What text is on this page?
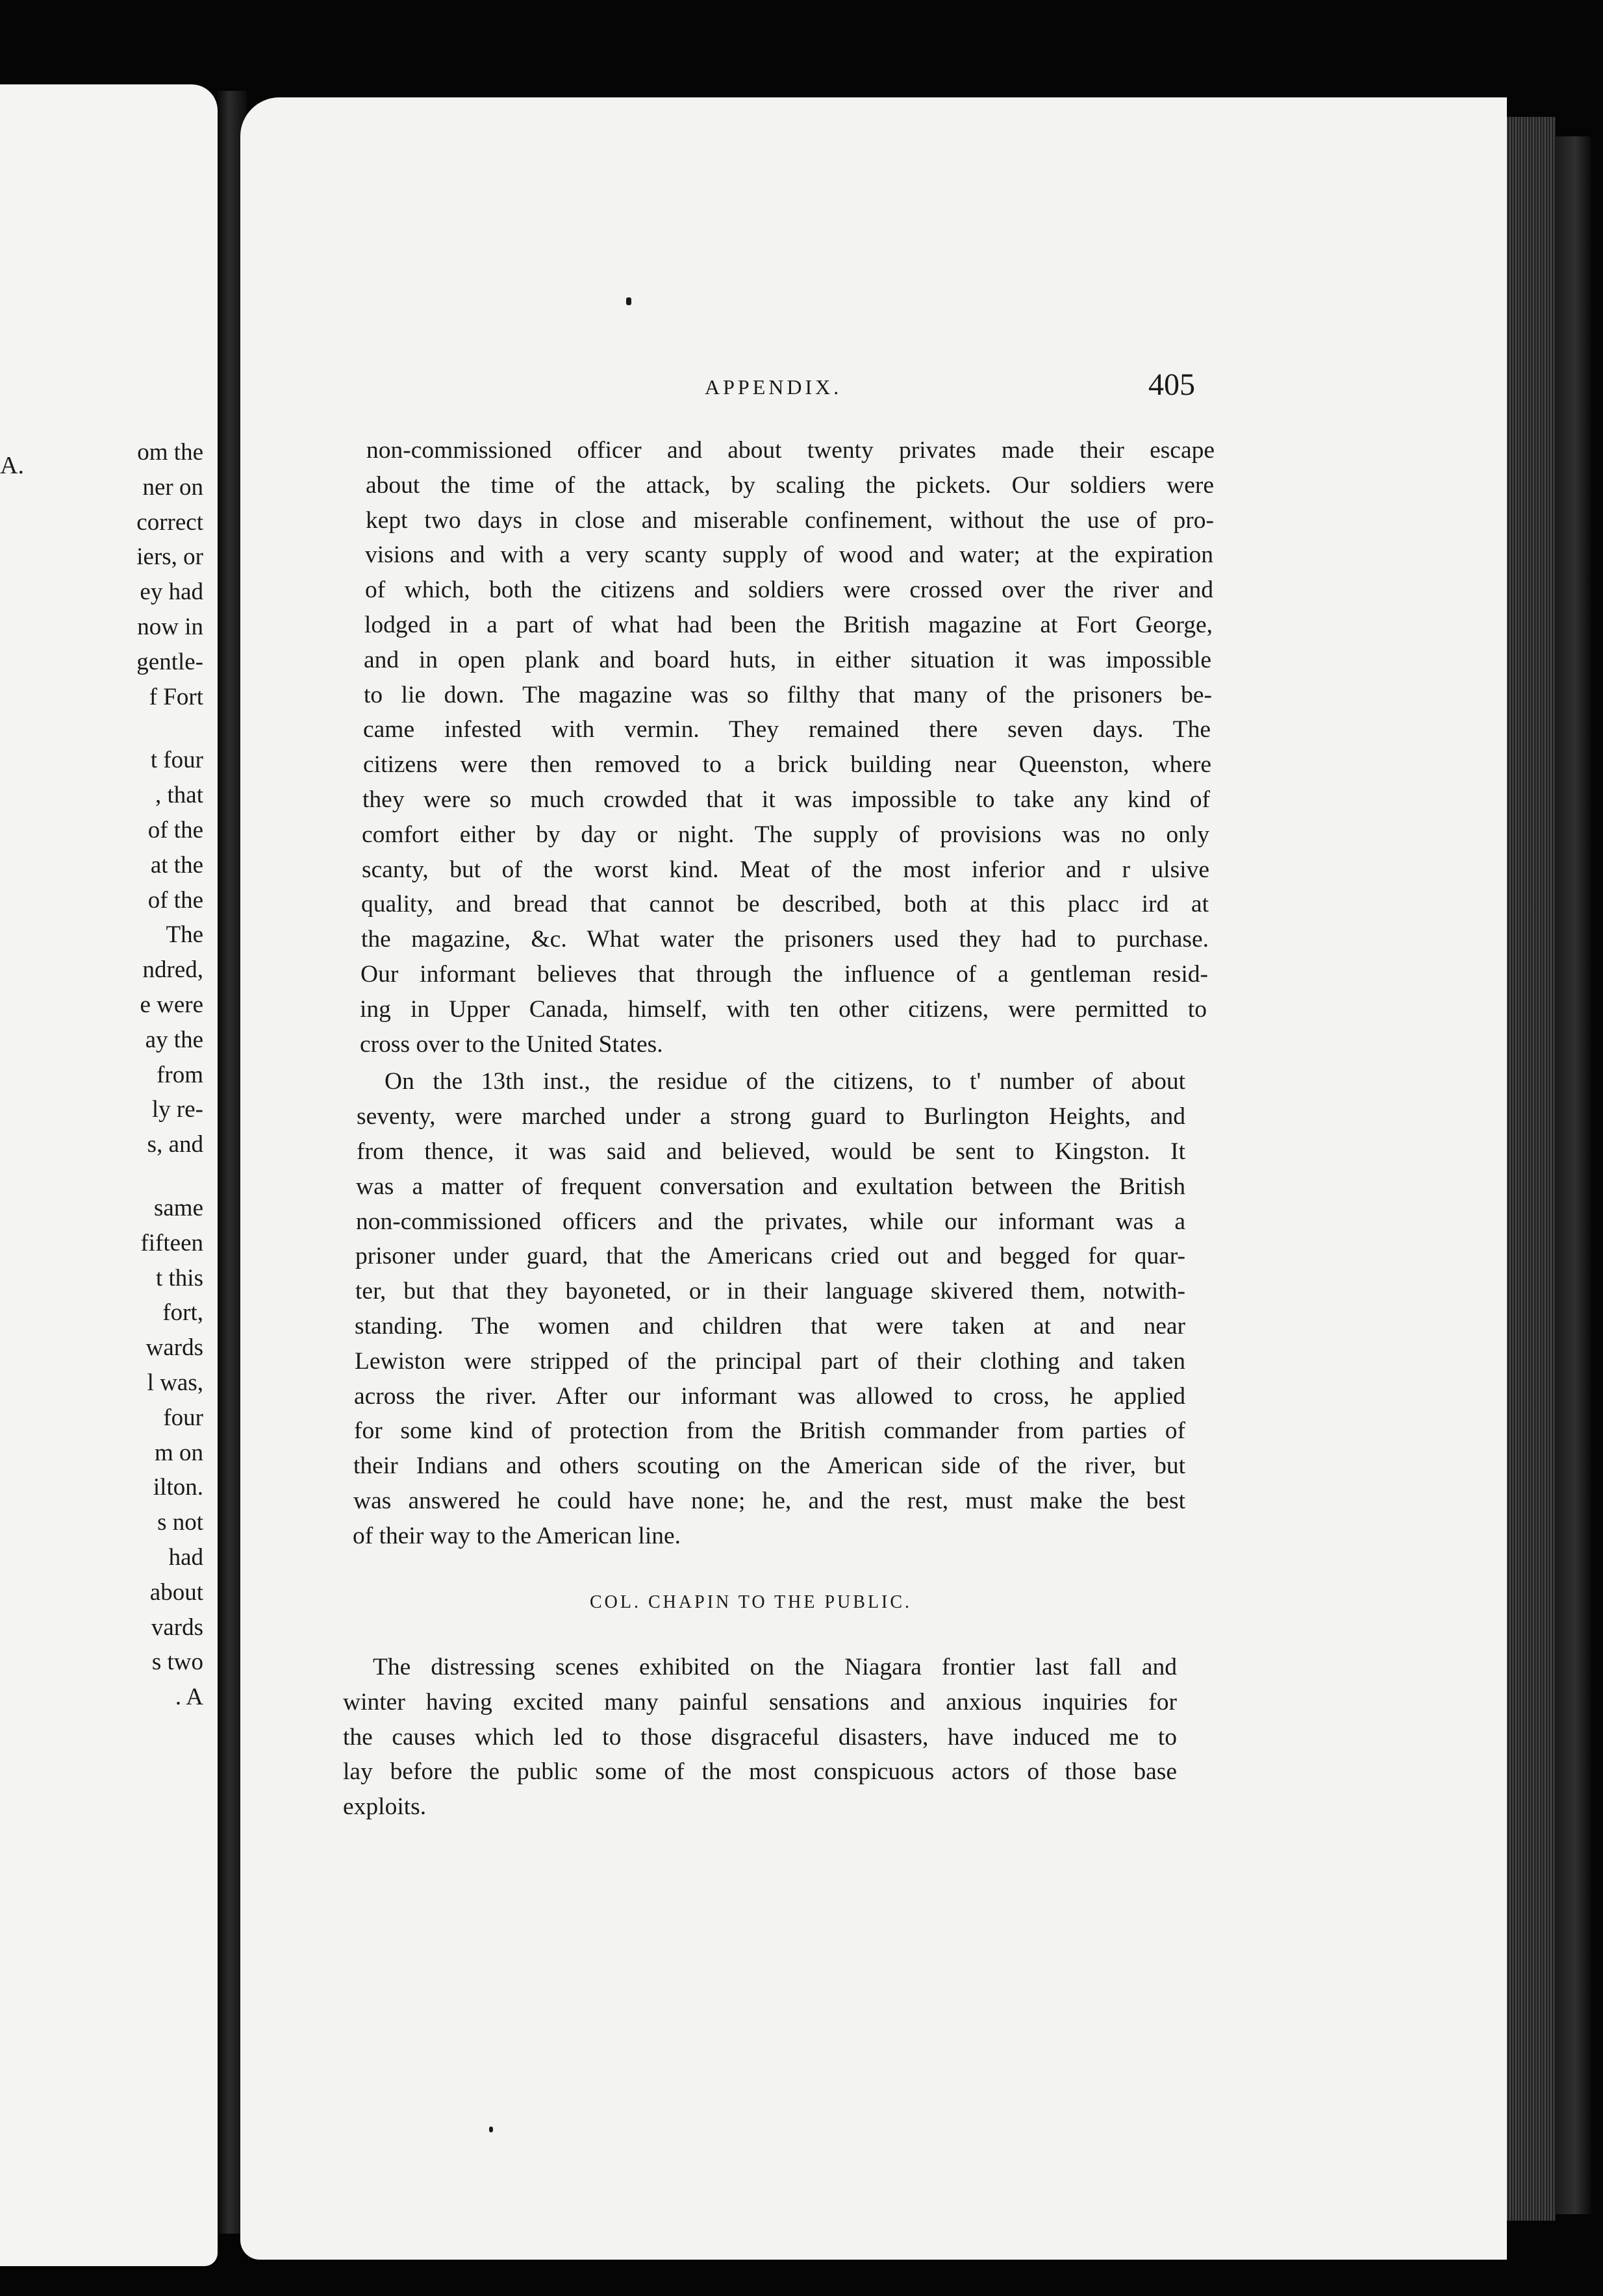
A.	om the
ner on
correct
iers, or
ey had
now in
gentle-
f Fort
t four
, that
of the
at the
of the
The
ndred,
e were
ay the
from
ly re-
s, and
same
fifteen
t this
fort,
wards
l was,
four
m on
ilton.
s not
had
about
vards
s two
. A
non-commissioned officer and about twenty privates made their escape
about the time of the attack, by scaling the pickets. Our soldiers were
kept two days in close and miserable confinement, without the use of pro-
visions and with a very scanty supply of wood and water; at the expiration
of which, both the citizens and soldiers were crossed over the river and
lodged in a part of what had been the British magazine at Fort George,
and in open plank and board huts, in either situation it was impossible
to lie down. The magazine was so filthy that many of the prisoners be-
came infested with vermin. They remained there seven days. The
citizens were then removed to a brick building near Queenston, where
they were so much crowded that it was impossible to take any kind of
comfort either by day or night. The supply of provisions was no only
scanty, but of the worst kind. Meat of the most inferior and r ulsive
quality, and bread that cannot be described, both at this placc ird at
the magazine, &c. What water the prisoners used they had to purchase.
Our informant believes that through the influence of a gentleman resid-
ing in Upper Canada, himself, with ten other citizens, were permitted to
cross over to the United States.
On the 13th inst., the residue of the citizens, to t' number of about
seventy, were marched under a strong guard to Burlington Heights, and
from thence, it was said and believed, would be sent to Kingston. It
was a matter of frequent conversation and exultation between the British
non-commissioned officers and the privates, while our informant was a
prisoner under guard, that the Americans cried out and begged for quar-
ter, but that they bayoneted, or in their language skivered them, notwith-
standing. The women and children that were taken at and near
Lewiston were stripped of the principal part of their clothing and taken
across the river. After our informant was allowed to cross, he applied
for some kind of protection from the British commander from parties of
their Indians and others scouting on the American side of the river, but
was answered he could have none; he, and the rest, must make the best
of their way to the American line.
The distressing scenes exhibited on the Niagara frontier last fall and
winter having excited many painful sensations and anxious inquiries for
the causes which led to those disgraceful disasters, have induced me to
lay before the public some of the most conspicuous actors of those base
exploits.
APPENDIX.	405
COL. CHAPIN TO THE PUBLIC.
